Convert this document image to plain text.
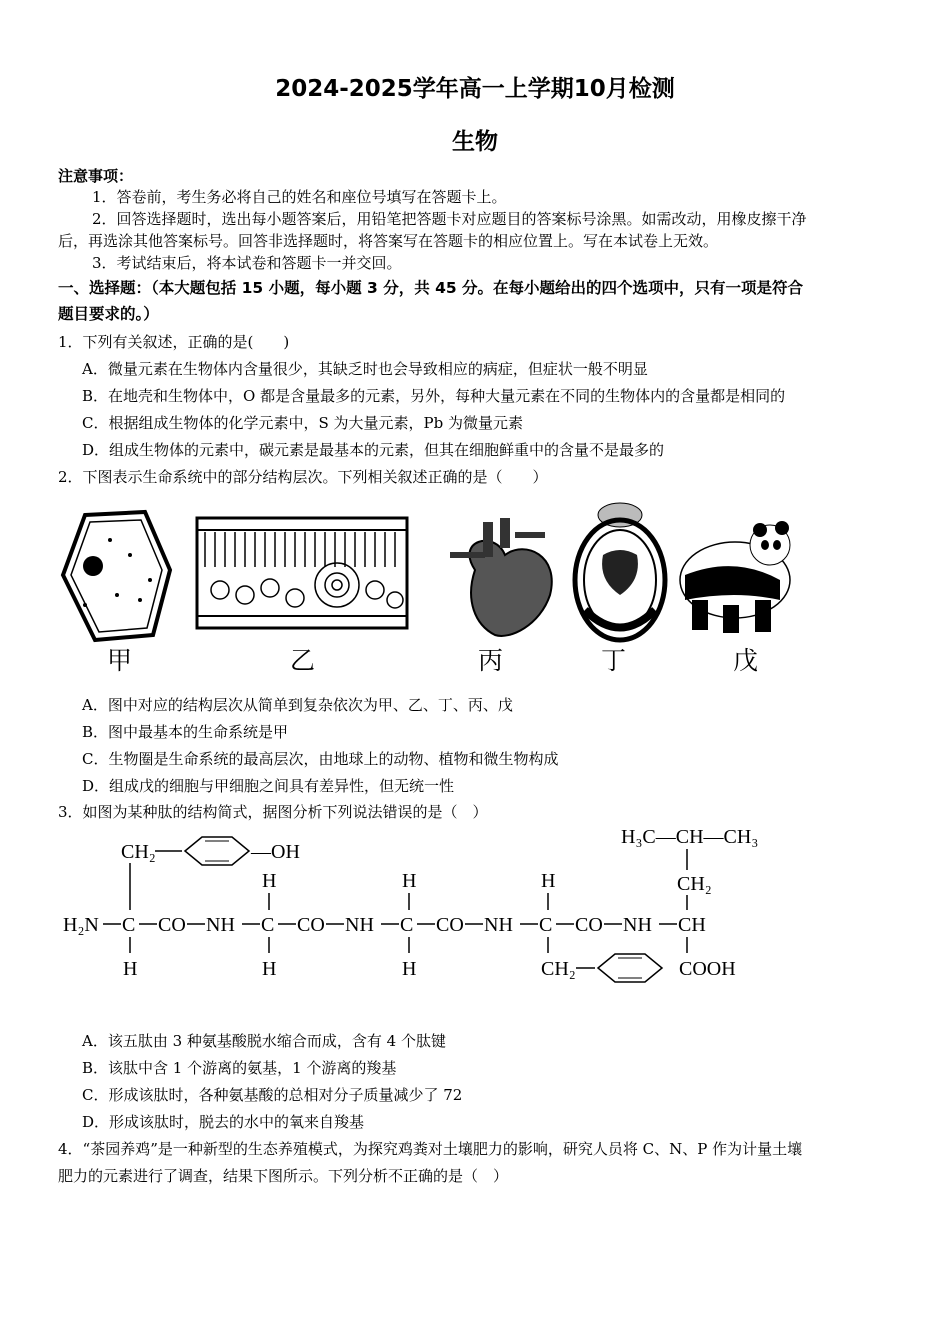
2024-2025学年高一上学期10月检测
生物
注意事项：
1．答卷前，考生务必将自己的姓名和座位号填写在答题卡上。
2．回答选择题时，选出每小题答案后，用铅笔把答题卡对应题目的答案标号涂黑。如需改动，用橡皮擦干净
后，再选涂其他答案标号。回答非选择题时，将答案写在答题卡的相应位置上。写在本试卷上无效。
3．考试结束后，将本试卷和答题卡一并交回。
一、选择题：（本大题包括 15 小题，每小题 3 分，共 45 分。在每小题给出的四个选项中，只有一项是符合
题目要求的。）
1．下列有关叙述，正确的是(　　)
A．微量元素在生物体内含量很少，其缺乏时也会导致相应的病症，但症状一般不明显
B．在地壳和生物体中，O 都是含量最多的元素，另外，每种大量元素在不同的生物体内的含量都是相同的
C．根据组成生物体的化学元素中，S 为大量元素，Pb 为微量元素
D．组成生物体的元素中，碳元素是最基本的元素，但其在细胞鲜重中的含量不是最多的
2．下图表示生命系统中的部分结构层次。下列相关叙述正确的是（　　）
甲	乙	丙	丁	戊
A．图中对应的结构层次从简单到复杂依次为甲、乙、丁、丙、戊
B．图中最基本的生命系统是甲
C．生物圈是生命系统的最高层次，由地球上的动物、植物和微生物构成
D．组成戊的细胞与甲细胞之间具有差异性，但无统一性
3．如图为某种肽的结构简式，据图分析下列说法错误的是（　）
H₃C—CH—CH₃
CH₂
CH₂	—OH
H	H	H
H₂N C CO NH C CO NH C CO NH C CO NH CH
H	H	H	CH₂	COOH
A．该五肽由 3 种氨基酸脱水缩合而成，含有 4 个肽键
B．该肽中含 1 个游离的氨基，1 个游离的羧基
C．形成该肽时，各种氨基酸的总相对分子质量减少了 72
D．形成该肽时，脱去的水中的氧来自羧基
4．“茶园养鸡”是一种新型的生态养殖模式，为探究鸡粪对土壤肥力的影响，研究人员将 C、N、P 作为计量土壤
肥力的元素进行了调查，结果下图所示。下列分析不正确的是（　）
